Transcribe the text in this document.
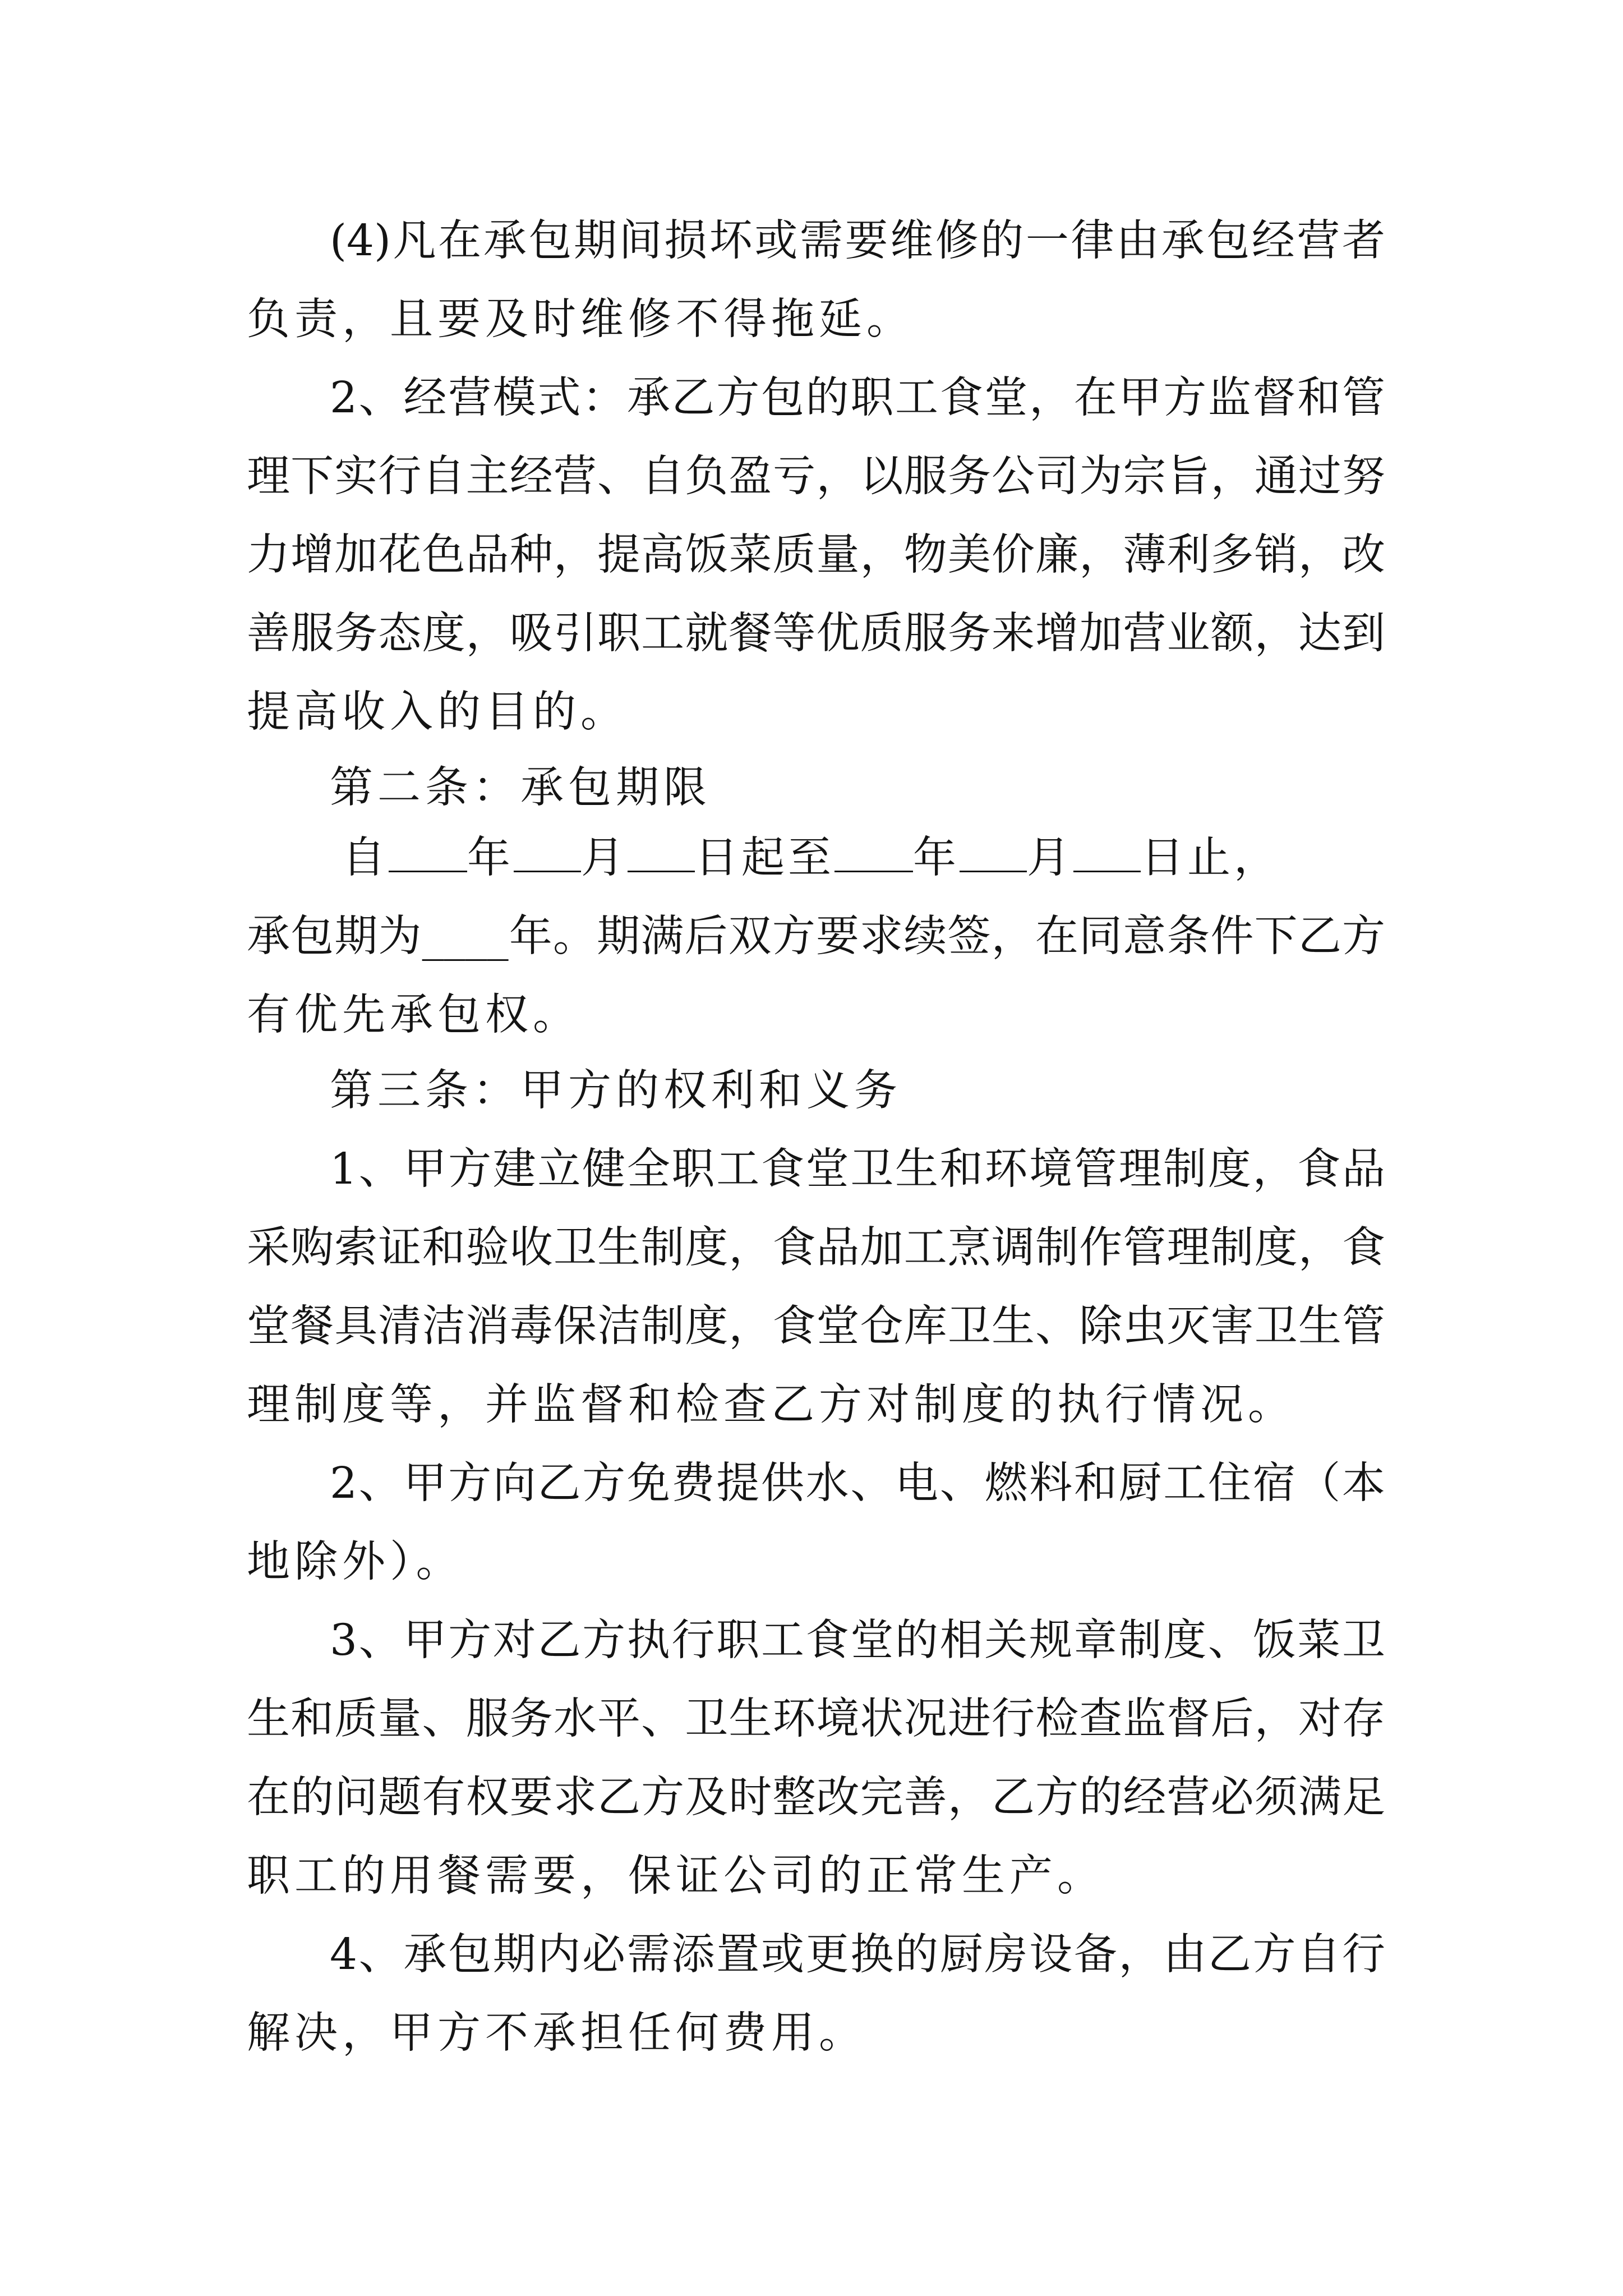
(4)凡在承包期间损坏或需要维修的一律由承包经营者
负责，且要及时维修不得拖延。
2、经营模式：承乙方包的职工食堂，在甲方监督和管
理下实行自主经营、自负盈亏，以服务公司为宗旨，通过努
力增加花色品种，提高饭菜质量，物美价廉，薄利多销，改
善服务态度，吸引职工就餐等优质服务来增加营业额，达到
提高收入的目的。
第二条：承包期限
自 年 月 日起至 年 月 日止，
承包期为____年。期满后双方要求续签，在同意条件下乙方
有优先承包权。
第三条：甲方的权利和义务
1、甲方建立健全职工食堂卫生和环境管理制度，食品
采购索证和验收卫生制度，食品加工烹调制作管理制度，食
堂餐具清洁消毒保洁制度，食堂仓库卫生、除虫灭害卫生管
理制度等，并监督和检查乙方对制度的执行情况。
2、甲方向乙方免费提供水、电、燃料和厨工住宿（本
地除外）。
3、甲方对乙方执行职工食堂的相关规章制度、饭菜卫
生和质量、服务水平、卫生环境状况进行检查监督后，对存
在的问题有权要求乙方及时整改完善，乙方的经营必须满足
职工的用餐需要，保证公司的正常生产。
4、承包期内必需添置或更换的厨房设备，由乙方自行
解决，甲方不承担任何费用。
